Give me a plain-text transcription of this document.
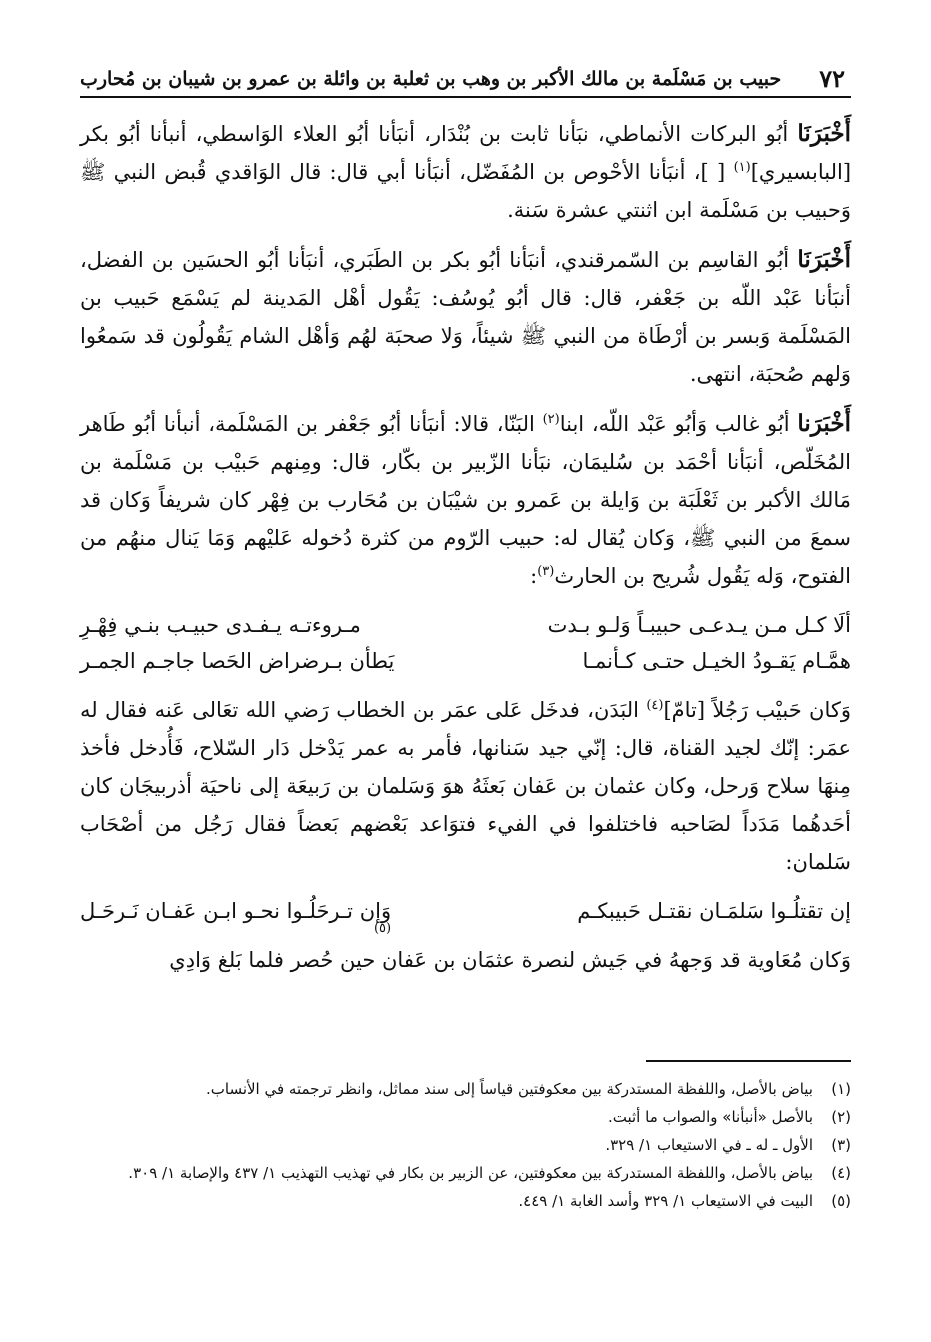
٧٢
حبيب بن مَسْلَمة بن مالك الأكبر بن وهب بن ثعلبة بن وائلة بن عمرو بن شيبان بن مُحارب

أَخْبَرَنَا أبُو البركات الأنماطي، نبَأنا ثابت بن بُنْدَار، أنبَأنا أبُو العلاء الوَاسطي، أنبأنا أبُو بكر [البابسيري]$^{(١)}$ [ ]، أنبَأنا الأحْوص بن المُفَضّل، أنبَأنا أبي قال: قال الوَاقدي قُبض النبي ﷺ وَحبيب بن مَسْلَمة ابن اثنتي عشرة سَنة.

أَخْبَرَنَا أبُو القاسِم بن السّمرقندي، أنبَأنا أبُو بكر بن الطَبَري، أنبَأنا أبُو الحسَين بن الفضل، أنبَأنا عَبْد اللّه بن جَعْفر، قال: قال أبُو يُوسُف: يَقُول أهْل المَدينة لم يَسْمَع حَبيب بن المَسْلَمة وَبسر بن أرْطَاة من النبي ﷺ شيئاً، وَلا صحبَة لهُم وَأهْل الشام يَقُولُون قد سَمعُوا وَلهم صُحبَة، انتهى.

أَخْبَرَنا أبُو غالب وَأبُو عَبْد اللّه، ابنا$^{(٢)}$ البَنّا، قالا: أنبَأنا أبُو جَعْفر بن المَسْلَمة، أنبأنا أبُو طَاهر المُخَلّص، أنبَأنا أحْمَد بن سُليمَان، نبَأنا الزّبير بن بكّار، قال: ومِنهم حَبيْب بن مَسْلَمة بن مَالك الأكبر بن ثَعْلَبَة بن وَايلة بن عَمرو بن شيْبَان بن مُحَارب بن فِهْر كان شريفاً وَكان قد سمعَ من النبي ﷺ، وَكان يُقال له: حبيب الرّوم من كثرة دُخوله عَليْهم وَمَا يَنال منهُم من الفتوح، وَله يَقُول شُريح بن الحارث$^{(٣)}$:

ألَا كـل مـن يـدعـى حبيبـاً وَلـو بـدت
مـروءتـه يـفـدى حبيـب بنـي فِهْـرِ
همَّـام يَقـودُ الخيـل حتـى كـأنمـا
يَطأن بـرضراض الحَصا جاجـم الجمـر

وَكان حَبيْب رَجُلاً [تامّ]$^{(٤)}$ البَدَن، فدخَل عَلى عمَر بن الخطاب رَضي الله تعَالى عَنه فقال له عمَر: إنّك لجيد القناة، قال: إنّي جيد سَنانها، فأمر به عمر يَدْخل دَار السّلاح، فَأُدخل فأخذ مِنهَا سلاح وَرحل، وكان عثمان بن عَفان بَعثَهُ هوَ وَسَلمان بن رَبيعَة إلى ناحيَة أذربيجَان كان أحَدهُما مَدَداً لصَاحبه فاختلفوا في الفيء فتوَاعد بَعْضهم بَعضاً فقال رَجُل من أصْحَاب سَلمان:

إن تقتلُـوا سَلمَـان نقتـل حَبيبكـم
وَإن تـرحَلُـوا نحـو ابـن عَفـان نَـرحَـل
(٥)

وَكان مُعَاوية قد وَجههُ في جَيش لنصرة عثمَان بن عَفان حين حُصر فلما بَلغ وَادِي

(١)
بياض بالأصل، واللفظة المستدركة بين معكوفتين قياساً إلى سند مماثل، وانظر ترجمته في الأنساب.
(٢)
بالأصل «أنبأنا» والصواب ما أثبت.
(٣)
الأول ـ له ـ في الاستيعاب ١/ ٣٢٩.
(٤)
بياض بالأصل، واللفظة المستدركة بين معكوفتين، عن الزبير بن بكار في تهذيب التهذيب ١/ ٤٣٧ والإصابة ١/ ٣٠٩.
(٥)
البيت في الاستيعاب ١/ ٣٢٩ وأسد الغابة ١/ ٤٤٩.
